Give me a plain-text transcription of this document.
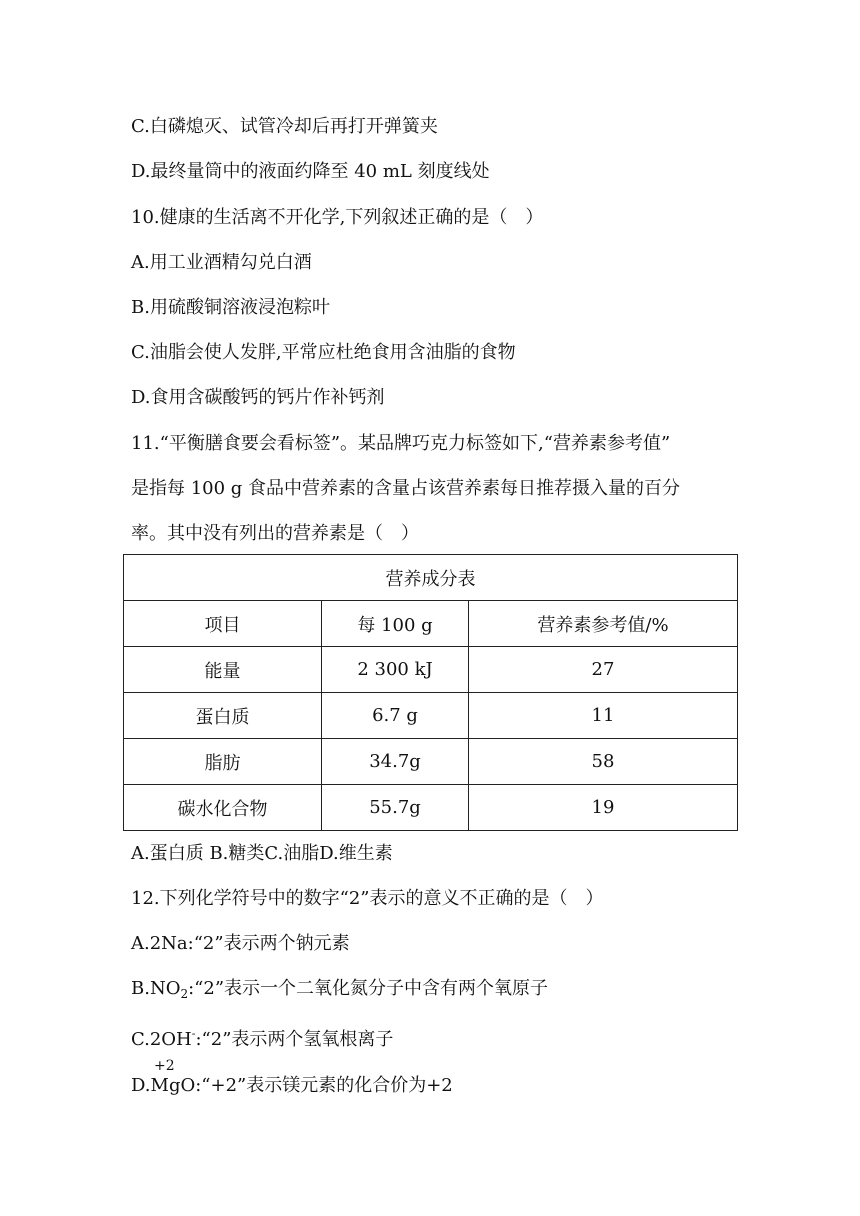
C.白磷熄灭、试管冷却后再打开弹簧夹
D.最终量筒中的液面约降至 40 mL 刻度线处
10.健康的生活离不开化学,下列叙述正确的是（　）
A.用工业酒精勾兑白酒
B.用硫酸铜溶液浸泡粽叶
C.油脂会使人发胖,平常应杜绝食用含油脂的食物
D.食用含碳酸钙的钙片作补钙剂
11.“平衡膳食要会看标签”。某品牌巧克力标签如下,“营养素参考值”
是指每 100 g 食品中营养素的含量占该营养素每日推荐摄入量的百分
率。其中没有列出的营养素是（　）
营养成分表		
项目	每 100 g	营养素参考值/%
能量	2 300 kJ	27
蛋白质	6.7 g	11
脂肪	34.7g	58
碳水化合物	55.7g	19
A.蛋白质 B.糖类C.油脂D.维生素
12.下列化学符号中的数字“2”表示的意义不正确的是（　）
A.2Na:“2”表示两个钠元素
$B.NO_2:“2$”表示一个二氧化氮分子中含有两个氧原子
C.2OH-:“2”表示两个氢氧根离子
+2
D.MgO:“+2”表示镁元素的化合价为+2
